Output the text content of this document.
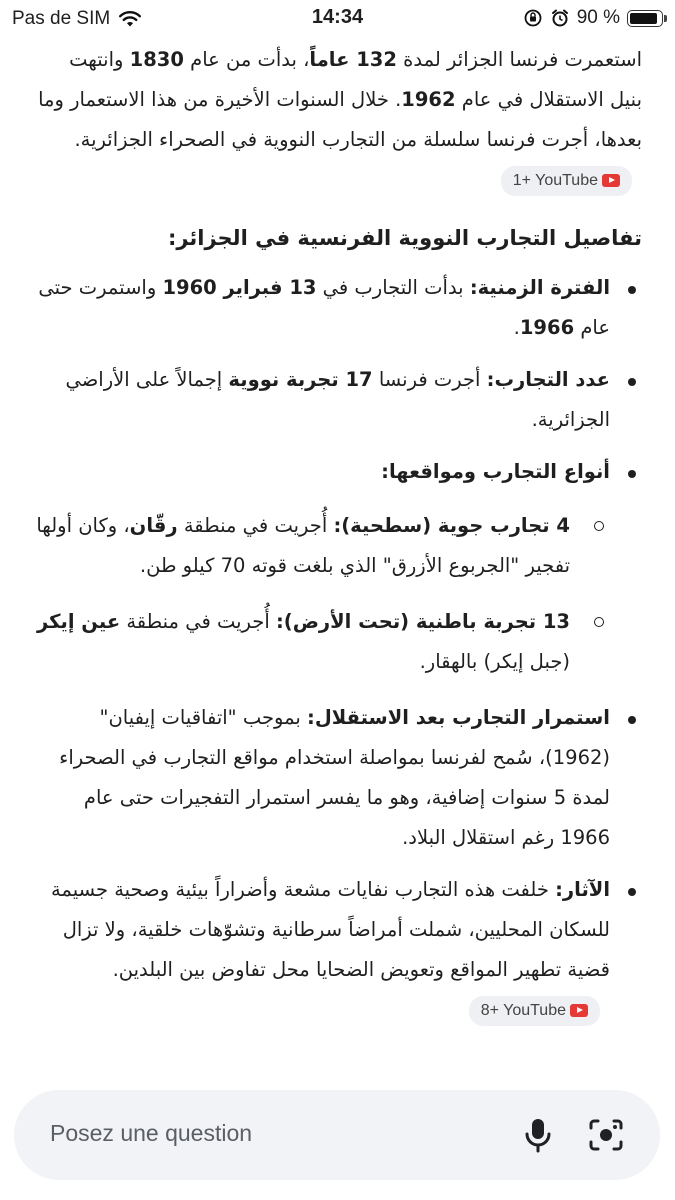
Pas de SIM	14:34	90 %

استعمرت فرنسا الجزائر لمدة 132 عاماً، بدأت من عام 1830 وانتهت بنيل الاستقلال في عام 1962. خلال السنوات الأخيرة من هذا الاستعمار وما بعدها، أجرت فرنسا سلسلة من التجارب النووية في الصحراء الجزائرية.
1+ YouTube

تفاصيل التجارب النووية الفرنسية في الجزائر:

الفترة الزمنية: بدأت التجارب في 13 فبراير 1960 واستمرت حتى عام 1966.
عدد التجارب: أجرت فرنسا 17 تجربة نووية إجمالاً على الأراضي الجزائرية.
أنواع التجارب ومواقعها:
4 تجارب جوية (سطحية): أُجريت في منطقة رقّان، وكان أولها تفجير "الجربوع الأزرق" الذي بلغت قوته 70 كيلو طن.
13 تجربة باطنية (تحت الأرض): أُجريت في منطقة عين إيكر (جبل إيكر) بالهقار.
استمرار التجارب بعد الاستقلال: بموجب "اتفاقيات إيفيان" (1962)، سُمح لفرنسا بمواصلة استخدام مواقع التجارب في الصحراء لمدة 5 سنوات إضافية، وهو ما يفسر استمرار التفجيرات حتى عام 1966 رغم استقلال البلاد.
الآثار: خلفت هذه التجارب نفايات مشعة وأضراراً بيئية وصحية جسيمة للسكان المحليين، شملت أمراضاً سرطانية وتشوّهات خلقية، ولا تزال قضية تطهير المواقع وتعويض الضحايا محل تفاوض بين البلدين.
8+ YouTube
Posez une question
